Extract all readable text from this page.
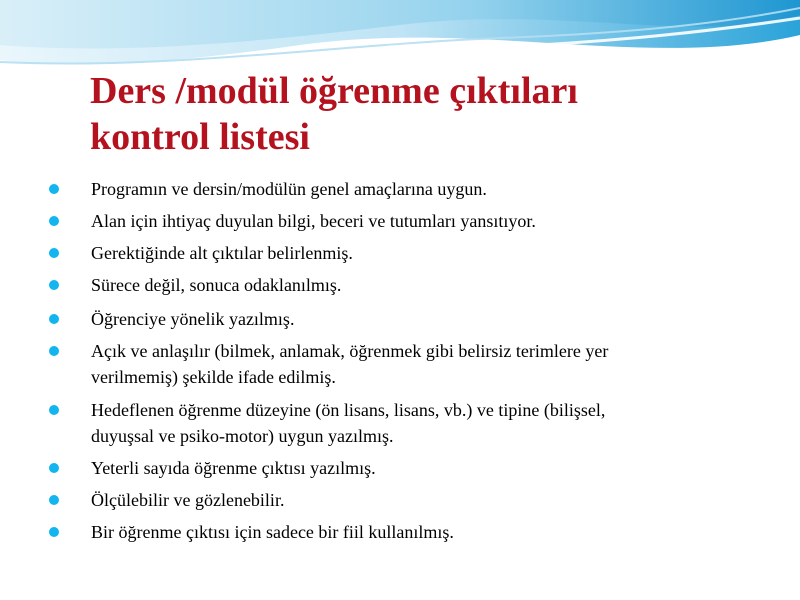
Ders /modül öğrenme çıktıları
kontrol listesi

Programın ve dersin/modülün genel amaçlarına uygun.

Alan için ihtiyaç duyulan bilgi, beceri ve tutumları yansıtıyor.

Gerektiğinde alt çıktılar belirlenmiş.

Sürece değil, sonuca odaklanılmış.

Öğrenciye yönelik yazılmış.

Açık ve anlaşılır (bilmek, anlamak, öğrenmek gibi belirsiz terimlere yer

verilmemiş) şekilde ifade edilmiş.

Hedeflenen öğrenme düzeyine (ön lisans, lisans, vb.) ve tipine (bilişsel,

duyuşsal ve psiko-motor) uygun yazılmış.

Yeterli sayıda öğrenme çıktısı yazılmış.

Ölçülebilir ve gözlenebilir.

Bir öğrenme çıktısı için sadece bir fiil kullanılmış.
